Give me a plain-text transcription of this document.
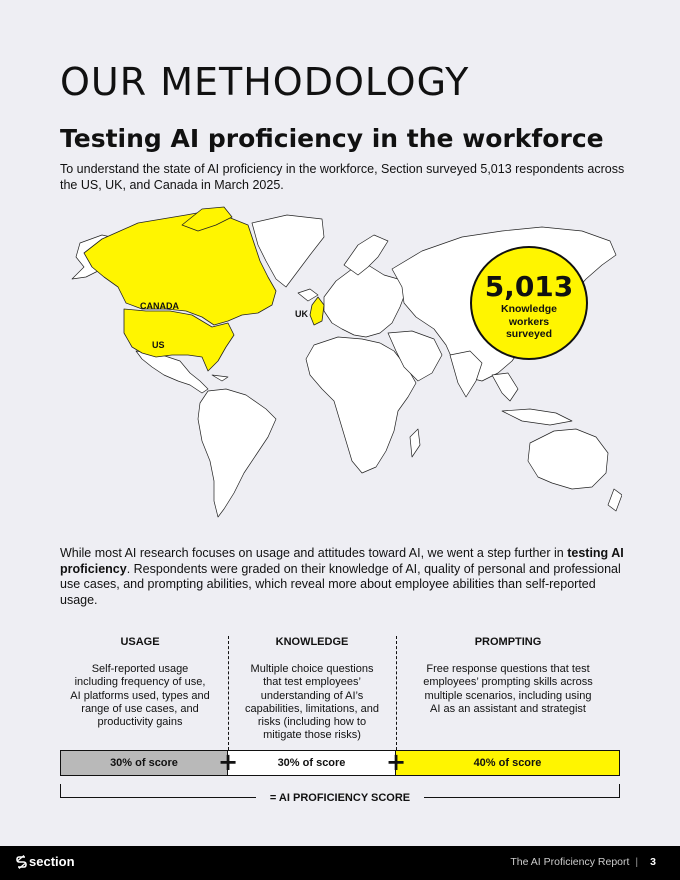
OUR METHODOLOGY
Testing AI proficiency in the workforce

To understand the state of AI proficiency in the workforce, Section surveyed 5,013 respondents across the US, UK, and Canada in March 2025.

CANADA
US
UK
5,013
Knowledge workers surveyed

While most AI research focuses on usage and attitudes toward AI, we went a step further in testing AI proficiency. Respondents were graded on their knowledge of AI, quality of personal and professional use cases, and prompting abilities, which reveal more about employee abilities than self-reported usage.

USAGE
Self-reported usage including frequency of use, AI platforms used, types and range of use cases, and productivity gains
KNOWLEDGE
Multiple choice questions that test employees’ understanding of AI’s capabilities, limitations, and risks (including how to mitigate those risks)
PROMPTING
Free response questions that test employees’ prompting skills across multiple scenarios, including using AI as an assistant and strategist
30% of score	30% of score	40% of score
+	+
= AI PROFICIENCY SCORE
section	The AI Proficiency Report | 3
